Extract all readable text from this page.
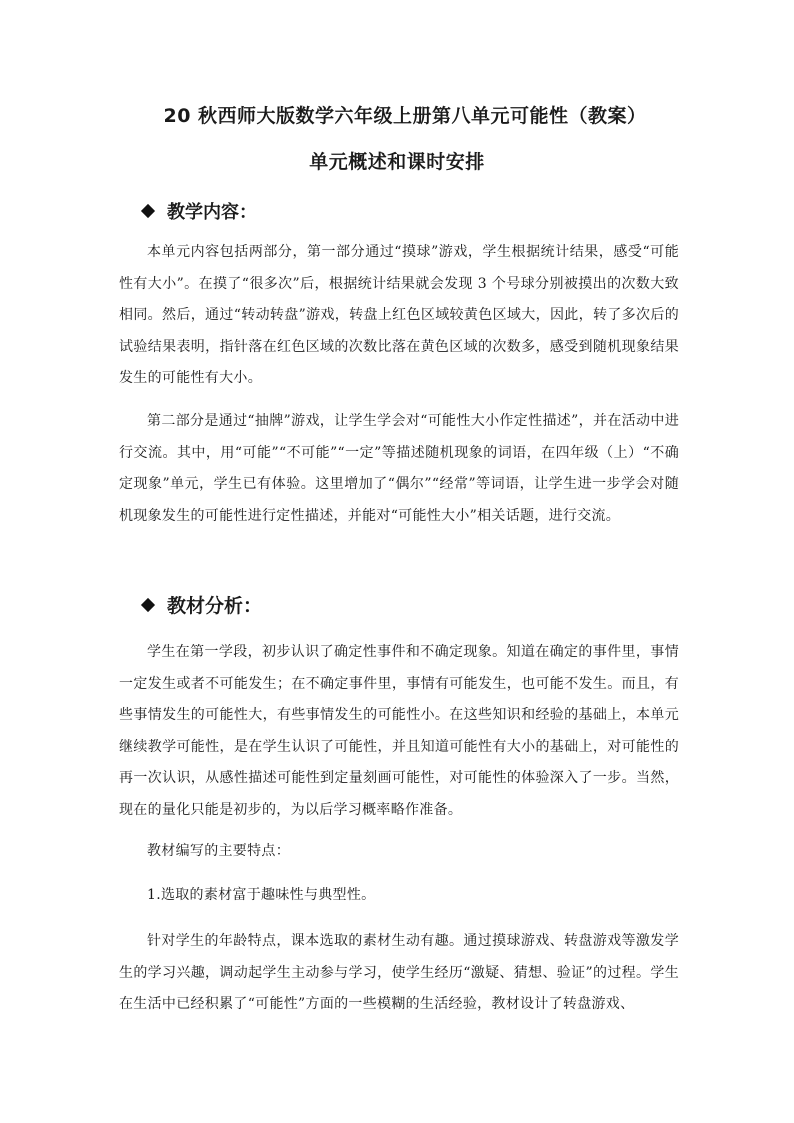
20 秋西师大版数学六年级上册第八单元可能性（教案）
单元概述和课时安排
教学内容：

本单元内容包括两部分，第一部分通过“摸球”游戏，学生根据统计结果，感受“可能性有大小”。在摸了“很多次”后，根据统计结果就会发现 3 个号球分别被摸出的次数大致相同。然后，通过“转动转盘”游戏，转盘上红色区域较黄色区域大，因此，转了多次后的试验结果表明，指针落在红色区域的次数比落在黄色区域的次数多，感受到随机现象结果发生的可能性有大小。

第二部分是通过“抽牌”游戏，让学生学会对“可能性大小作定性描述”，并在活动中进行交流。其中，用“可能”“不可能”“一定”等描述随机现象的词语，在四年级（上）“不确定现象”单元，学生已有体验。这里增加了“偶尔”“经常”等词语，让学生进一步学会对随机现象发生的可能性进行定性描述，并能对“可能性大小”相关话题，进行交流。

教材分析：

学生在第一学段，初步认识了确定性事件和不确定现象。知道在确定的事件里，事情一定发生或者不可能发生；在不确定事件里，事情有可能发生，也可能不发生。而且，有些事情发生的可能性大，有些事情发生的可能性小。在这些知识和经验的基础上，本单元继续教学可能性，是在学生认识了可能性，并且知道可能性有大小的基础上，对可能性的再一次认识，从感性描述可能性到定量刻画可能性，对可能性的体验深入了一步。当然，现在的量化只能是初步的，为以后学习概率略作准备。

教材编写的主要特点：
1.选取的素材富于趣味性与典型性。

针对学生的年龄特点，课本选取的素材生动有趣。通过摸球游戏、转盘游戏等激发学生的学习兴趣，调动起学生主动参与学习，使学生经历“激疑、猜想、验证”的过程。学生在生活中已经积累了“可能性”方面的一些模糊的生活经验，教材设计了转盘游戏、
